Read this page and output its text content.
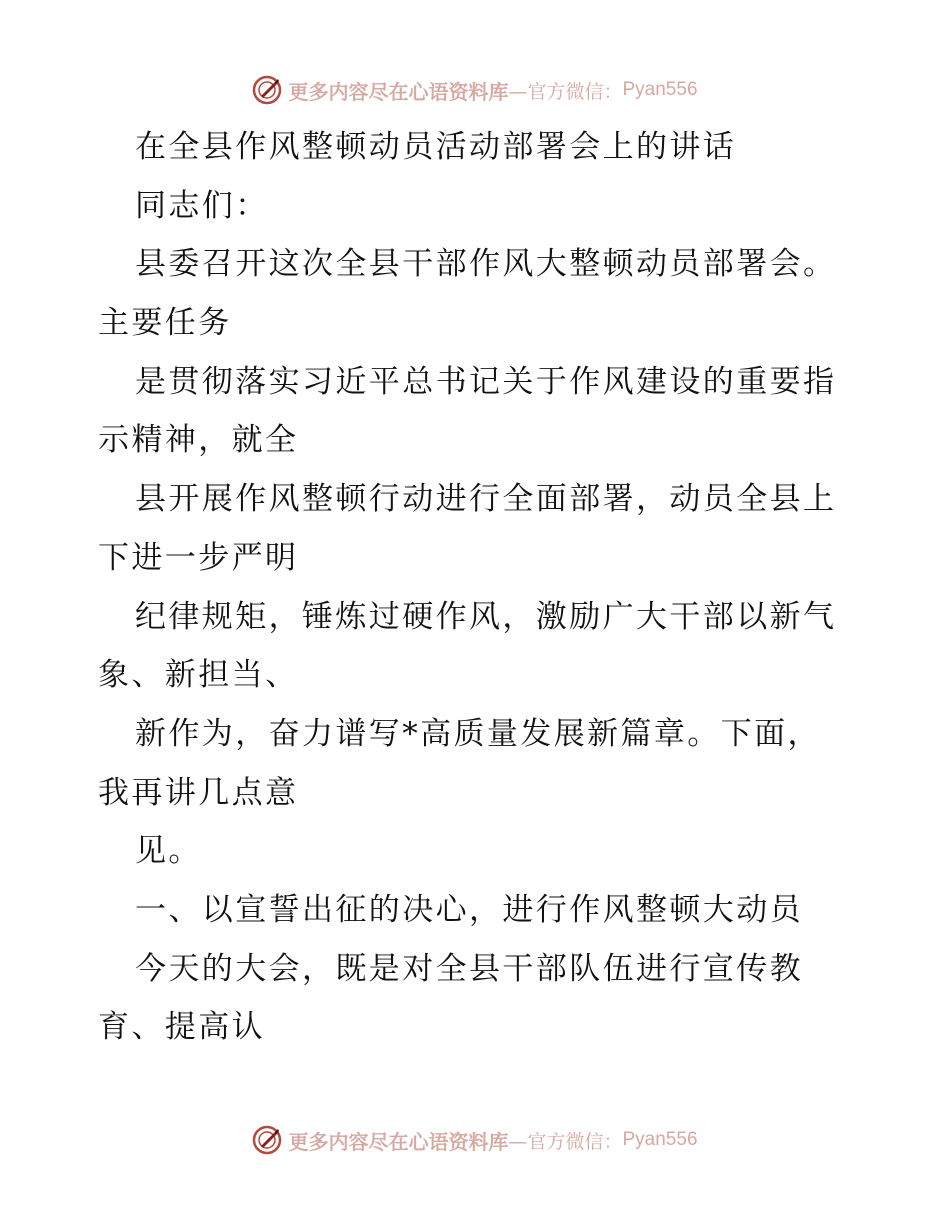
更多内容尽在心语资料库 —官方微信： Pyan556
在全县作风整顿动员活动部署会上的讲话
同志们：
县委召开这次全县干部作风大整顿动员部署会。
主要任务
是贯彻落实习近平总书记关于作风建设的重要指
示精神，就全
县开展作风整顿行动进行全面部署，动员全县上
下进一步严明
纪律规矩，锤炼过硬作风，激励广大干部以新气
象、新担当、
新作为，奋力谱写*高质量发展新篇章。下面，
我再讲几点意
见。
一、以宣誓出征的决心，进行作风整顿大动员
今天的大会，既是对全县干部队伍进行宣传教
育、提高认
更多内容尽在心语资料库 —官方微信： Pyan556
